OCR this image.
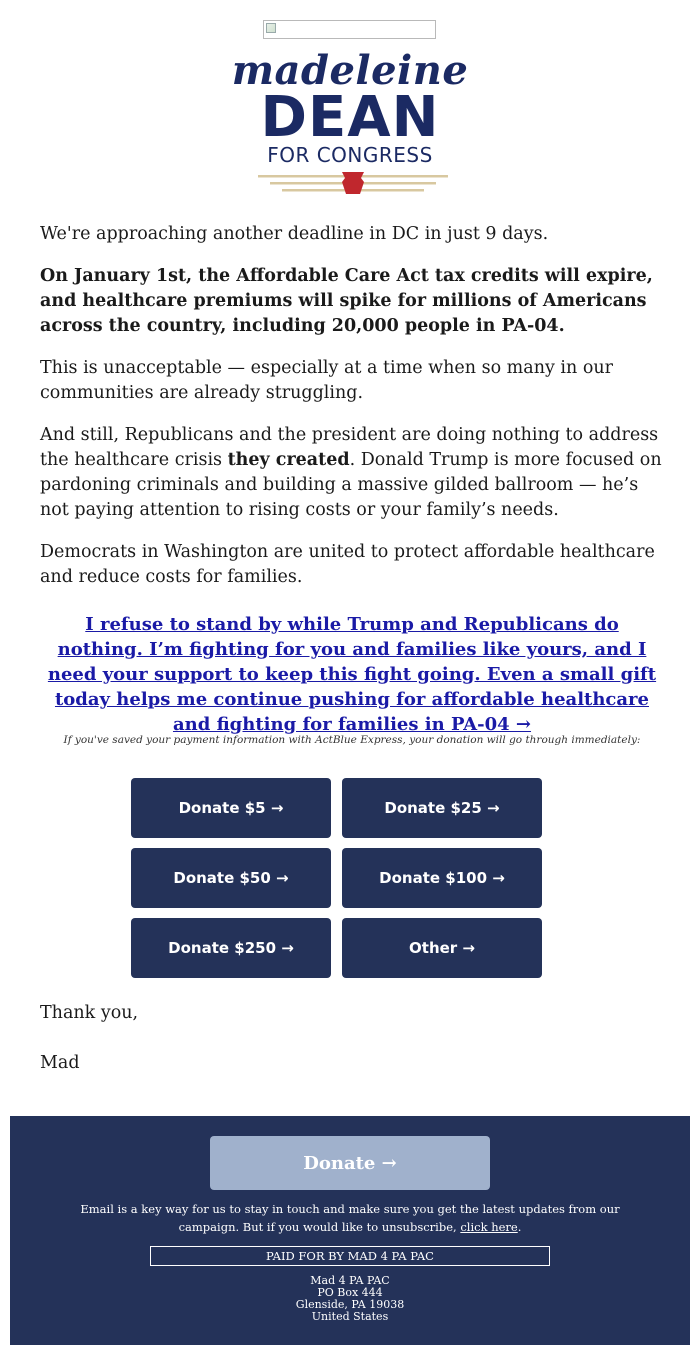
madeleine
DEAN
FOR CONGRESS

We're approaching another deadline in DC in just 9 days.

On January 1st, the Affordable Care Act tax credits will expire, and healthcare premiums will spike for millions of Americans across the country, including 20,000 people in PA-04.

This is unacceptable — especially at a time when so many in our communities are already struggling.

And still, Republicans and the president are doing nothing to address the healthcare crisis they created. Donald Trump is more focused on pardoning criminals and building a massive gilded ballroom — he’s not paying attention to rising costs or your family’s needs.

Democrats in Washington are united to protect affordable healthcare and reduce costs for families.

I refuse to stand by while Trump and Republicans do nothing. I’m fighting for you and families like yours, and I need your support to keep this fight going. Even a small gift today helps me continue pushing for affordable healthcare and fighting for families in PA-04 →
If you've saved your payment information with ActBlue Express, your donation will go through immediately:
Donate $5 →	Donate $25 →
Donate $50 →	Donate $100 →
Donate $250 →	Other →
Thank you,
Mad
Donate →
Email is a key way for us to stay in touch and make sure you get the latest updates from our campaign. But if you would like to unsubscribe, click here.
PAID FOR BY MAD 4 PA PAC
Mad 4 PA PAC
PO Box 444
Glenside, PA 19038
United States
